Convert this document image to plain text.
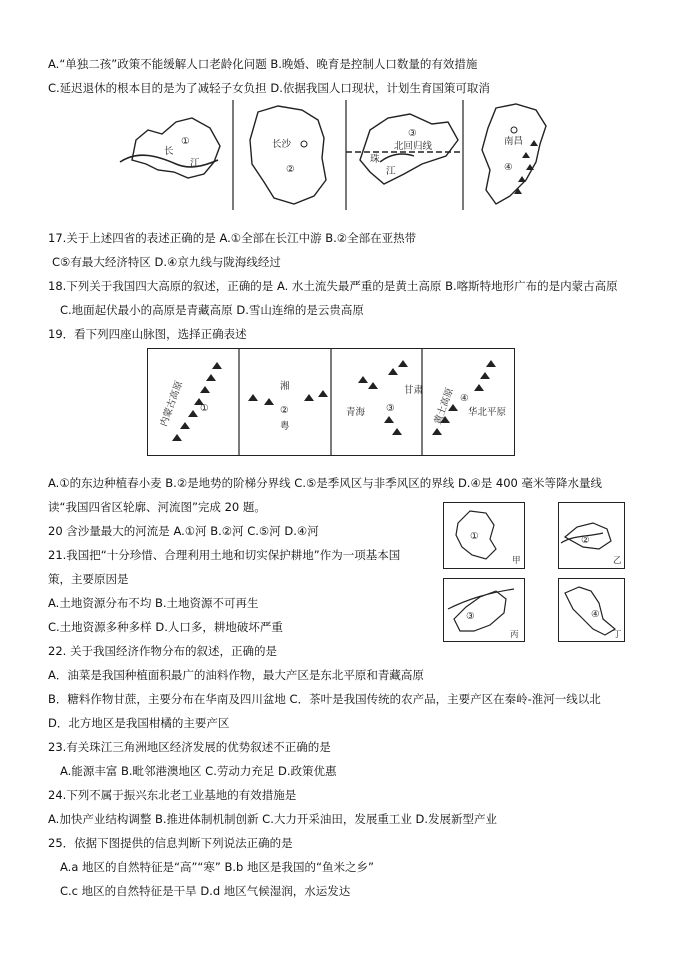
A.“单独二孩”政策不能缓解人口老龄化问题 B.晚婚、晚育是控制人口数量的有效措施
C.延迟退休的根本目的是为了减轻子女负担 D.依据我国人口现状，计划生育国策可取消
①
长
江
长沙
②
③
北回归线
珠
江
南昌
④
17.关于上述四省的表述正确的是 A.①全部在长江中游 B.②全部在亚热带
C⑤有最大经济特区 D.④京九线与陇海线经过
18.下列关于我国四大高原的叙述，正确的是 A. 水土流失最严重的是黄土高原 B.喀斯特地形广布的是内蒙古高原
C.地面起伏最小的高原是青藏高原 D.雪山连绵的是云贵高原
19．看下列四座山脉图，选择正确表述
内蒙古高原 ①
湘
②
粤
甘肃
青海 ③	黄土高原 ④
华北平原
A.①的东边种植春小麦 B.②是地势的阶梯分界线 C.⑤是季风区与非季风区的界线 D.④是 400 毫米等降水量线
读“我国四省区轮廓、河流图”完成 20 题。
20 含沙量最大的河流是 A.①河 B.②河 C.⑤河 D.④河
21.我国把“十分珍惜、合理利用土地和切实保护耕地”作为一项基本国
策，主要原因是
A.土地资源分布不均 B.土地资源不可再生
C.土地资源多种多样 D.人口多，耕地破坏严重
①
甲
②
乙
③
丙
④
丁
22. 关于我国经济作物分布的叙述，正确的是
A．油菜是我国种植面积最广的油料作物，最大产区是东北平原和青藏高原
B．糖料作物甘蔗，主要分布在华南及四川盆地 C．茶叶是我国传统的农产品，主要产区在秦岭-淮河一线以北
D．北方地区是我国柑橘的主要产区
23.有关珠江三角洲地区经济发展的优势叙述不正确的是
A.能源丰富 B.毗邻港澳地区 C.劳动力充足 D.政策优惠
24.下列不属于振兴东北老工业基地的有效措施是
A.加快产业结构调整 B.推进体制机制创新 C.大力开采油田，发展重工业 D.发展新型产业
25．依据下图提供的信息判断下列说法正确的是
A.a 地区的自然特征是“高”“寒” B.b 地区是我国的“鱼米之乡”
C.c 地区的自然特征是干旱 D.d 地区气候湿润，水运发达
